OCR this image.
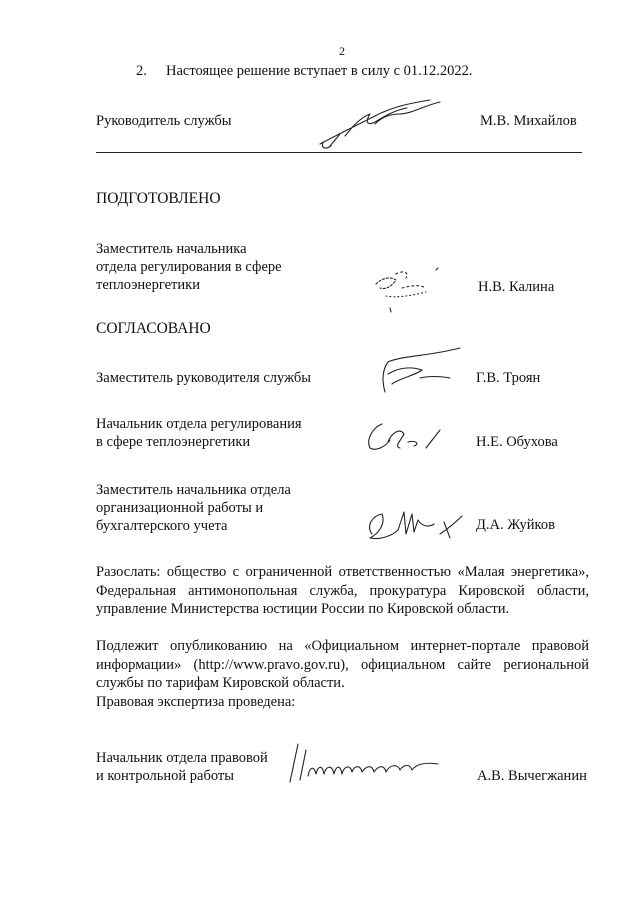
2
2. Настоящее решение вступает в силу с 01.12.2022.
Руководитель службы	М.В. Михайлов
ПОДГОТОВЛЕНО
Заместитель начальника
отдела регулирования в сфере
теплоэнергетики	Н.В. Калина
СОГЛАСОВАНО
Заместитель руководителя службы	Г.В. Троян
Начальник отдела регулирования
в сфере теплоэнергетики	Н.Е. Обухова
Заместитель начальника отдела
организационной работы и
бухгалтерского учета	Д.А. Жуйков
Разослать: общество с ограниченной ответственностью «Малая энергетика», Федеральная антимонопольная служба, прокуратура Кировской области, управление Министерства юстиции России по Кировской области.
Подлежит опубликованию на «Официальном интернет-портале правовой информации» (http://www.pravo.gov.ru), официальном сайте региональной службы по тарифам Кировской области.
Правовая экспертиза проведена:
Начальник отдела правовой
и контрольной работы	А.В. Вычегжанин
